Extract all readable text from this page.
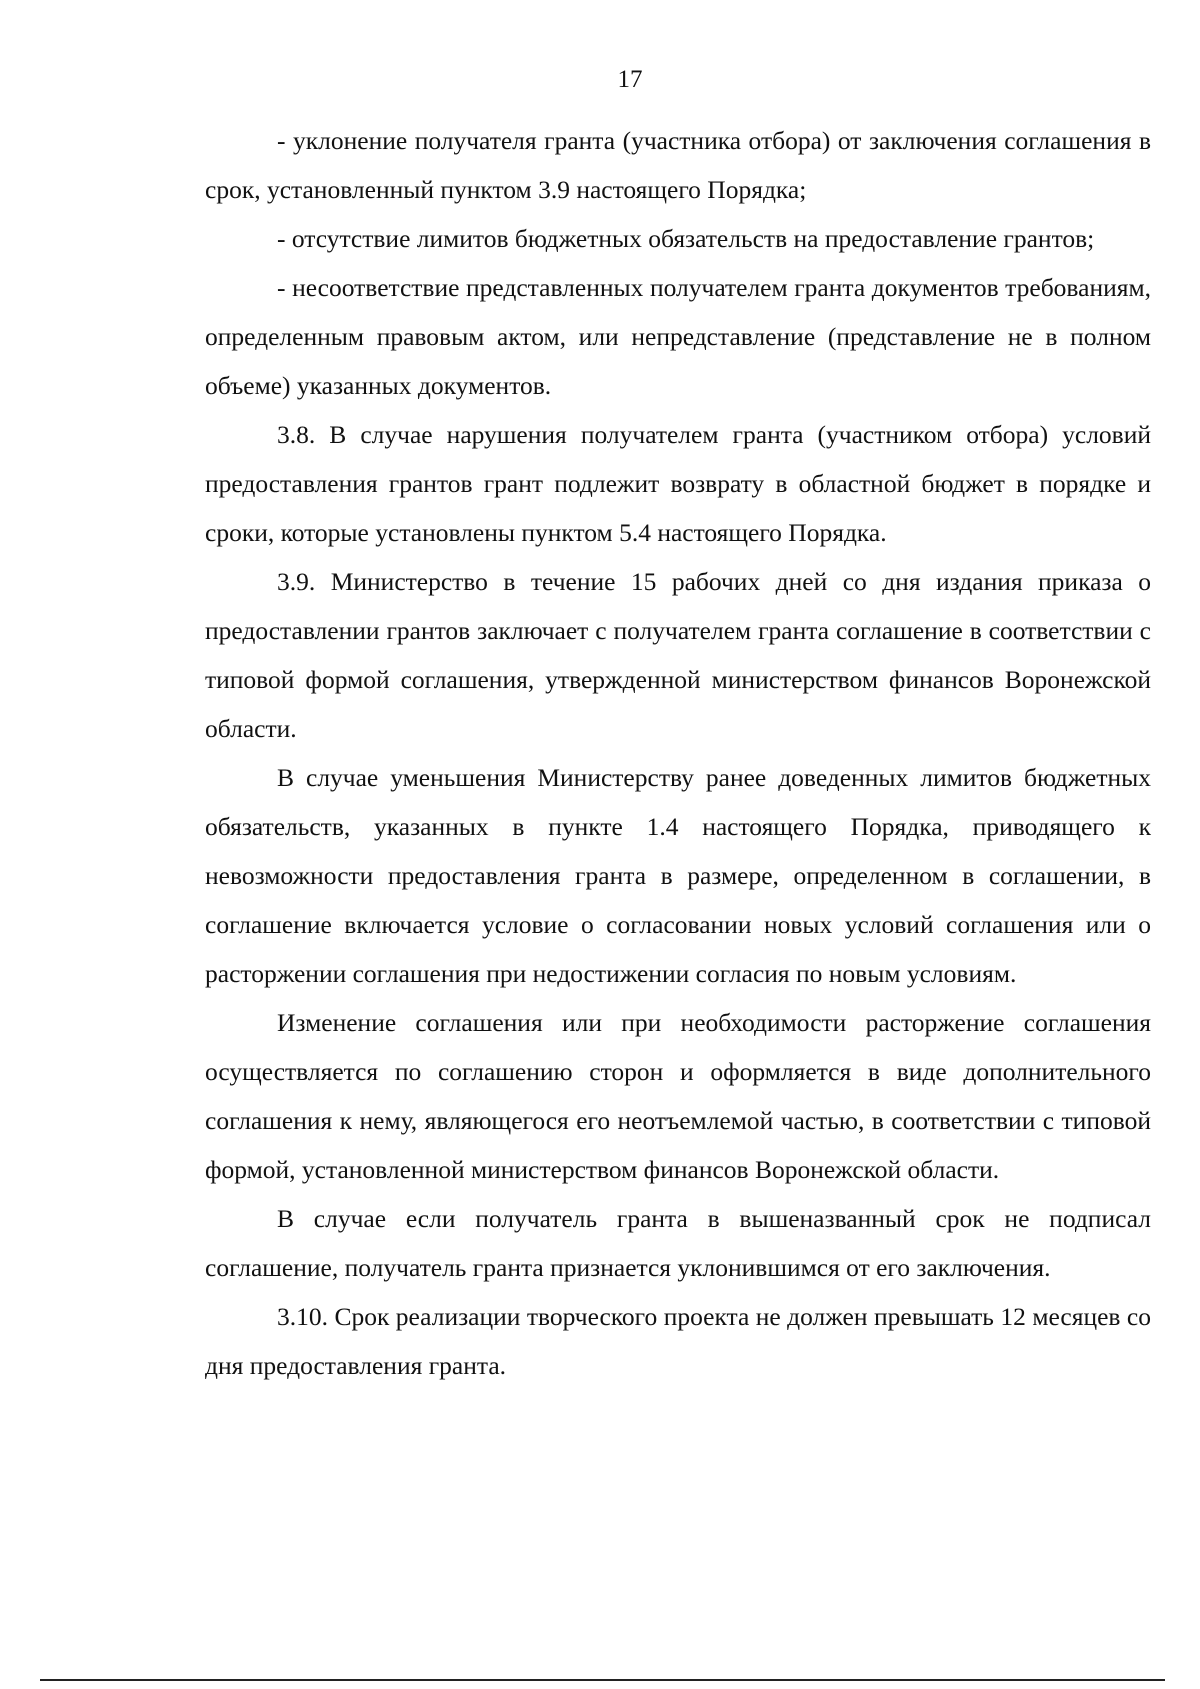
17

- уклонение получателя гранта (участника отбора) от заключения соглашения в срок, установленный пунктом 3.9 настоящего Порядка;

- отсутствие лимитов бюджетных обязательств на предоставление грантов;

- несоответствие представленных получателем гранта документов требованиям, определенным правовым актом, или непредставление (представление не в полном объеме) указанных документов.

3.8. В случае нарушения получателем гранта (участником отбора) условий предоставления грантов грант подлежит возврату в областной бюджет в порядке и сроки, которые установлены пунктом 5.4 настоящего Порядка.

3.9. Министерство в течение 15 рабочих дней со дня издания приказа о предоставлении грантов заключает с получателем гранта соглашение в соответствии с типовой формой соглашения, утвержденной министерством финансов Воронежской области.

В случае уменьшения Министерству ранее доведенных лимитов бюджетных обязательств, указанных в пункте 1.4 настоящего Порядка, приводящего к невозможности предоставления гранта в размере, определенном в соглашении, в соглашение включается условие о согласовании новых условий соглашения или о расторжении соглашения при недостижении согласия по новым условиям.

Изменение соглашения или при необходимости расторжение соглашения осуществляется по соглашению сторон и оформляется в виде дополнительного соглашения к нему, являющегося его неотъемлемой частью, в соответствии с типовой формой, установленной министерством финансов Воронежской области.

В случае если получатель гранта в вышеназванный срок не подписал соглашение, получатель гранта признается уклонившимся от его заключения.

3.10. Срок реализации творческого проекта не должен превышать 12 месяцев со дня предоставления гранта.
